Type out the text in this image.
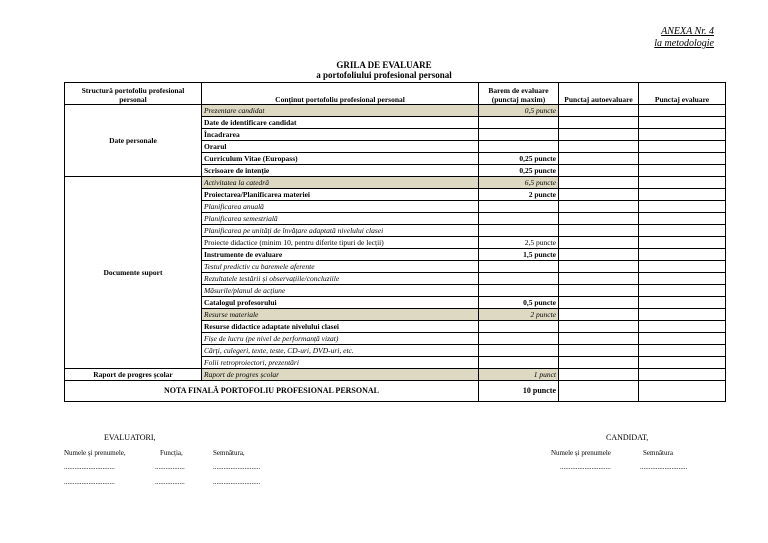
ANEXA Nr. 4
la metodologie
GRILA DE EVALUARE
a portofoliului profesional personal
Structură portofoliu profesional personal	Conținut portofoliu profesional personal	Barem de evaluare (punctaj maxim)	Punctaj autoevaluare	Punctaj evaluare
Date personale	Prezentare candidat	0,5 puncte		
	Date de identificare candidat			
	Încadrarea			
	Orarul			
	Curriculum Vitae (Europass)	0,25 puncte		
	Scrisoare de intenție	0,25 puncte		
Documente suport	Activitatea la catedră	6,5 puncte		
	Proiectarea/Planificarea materiei	2 puncte		
	Planificarea anuală			
	Planificarea semestrială			
	Planificarea pe unități de învățare adaptată nivelului clasei			
	Proiecte didactice (minim 10, pentru diferite tipuri de lecții)	2,5 puncte		
	Instrumente de evaluare	1,5 puncte		
	Testul predictiv cu baremele aferente			
	Rezultatele testării și observațiile/concluziile			
	Măsurile/planul de acțiune			
	Catalogul profesorului	0,5 puncte		
	Resurse materiale	2 puncte		
	Resurse didactice adaptate nivelului clasei			
	Fișe de lucru (pe nivel de performanță vizat)			
	Cărți, culegeri, texte, teste, CD-uri, DVD-uri, etc.			
	Folii retroproiectori, prezentări			
Raport de progres școlar	Raport de progres școlar	1 punct		
NOTA FINALĂ PORTOFOLIU PROFESIONAL PERSONAL		10 puncte		
EVALUATORI,
Numele și prenumele,	Funcția,	Semnătura,
.............................	.................	...........................
.............................	.................	...........................
CANDIDAT,
Numele și prenumele	Semnătura
.............................	...........................
